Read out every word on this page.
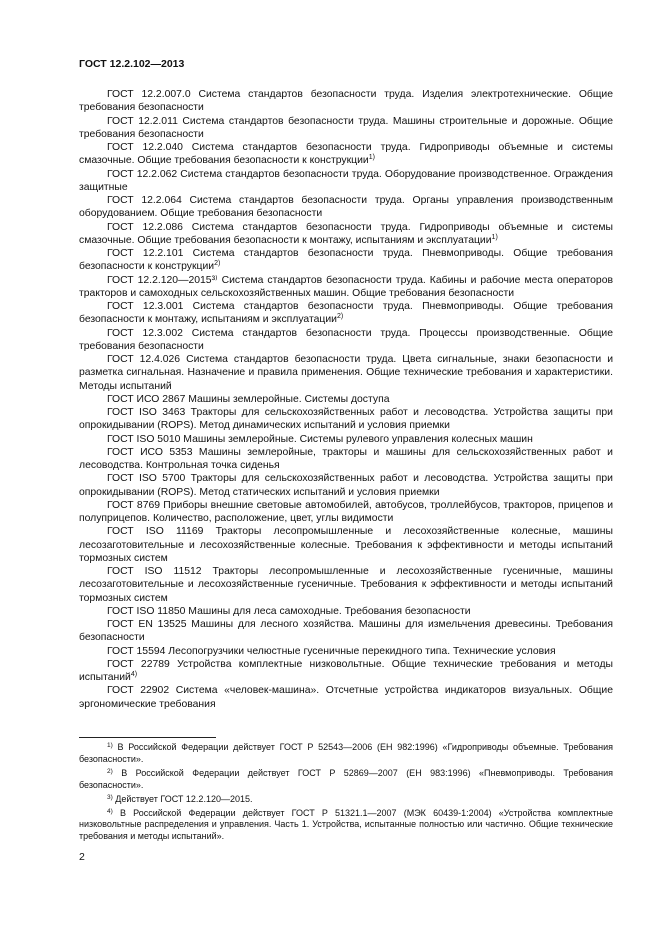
ГОСТ 12.2.102—2013

ГОСТ 12.2.007.0 Система стандартов безопасности труда. Изделия электротехнические. Общие требования безопасности

ГОСТ 12.2.011 Система стандартов безопасности труда. Машины строительные и дорожные. Общие требования безопасности

ГОСТ 12.2.040 Система стандартов безопасности труда. Гидроприводы объемные и системы смазочные. Общие требования безопасности к конструкции$^{1)}$

ГОСТ 12.2.062 Система стандартов безопасности труда. Оборудование производственное. Ограждения защитные

ГОСТ 12.2.064 Система стандартов безопасности труда. Органы управления производственным оборудованием. Общие требования безопасности

ГОСТ 12.2.086 Система стандартов безопасности труда. Гидроприводы объемные и системы смазочные. Общие требования безопасности к монтажу, испытаниям и эксплуатации$^{1)}$

ГОСТ 12.2.101 Система стандартов безопасности труда. Пневмоприводы. Общие требования безопасности к конструкции$^{2)}$

ГОСТ 12.2.120—2015³⁾ Система стандартов безопасности труда. Кабины и рабочие места операторов тракторов и самоходных сельскохозяйственных машин. Общие требования безопасности

ГОСТ 12.3.001 Система стандартов безопасности труда. Пневмоприводы. Общие требования безопасности к монтажу, испытаниям и эксплуатации$^{2)}$

ГОСТ 12.3.002 Система стандартов безопасности труда. Процессы производственные. Общие требования безопасности

ГОСТ 12.4.026 Система стандартов безопасности труда. Цвета сигнальные, знаки безопасности и разметка сигнальная. Назначение и правила применения. Общие технические требования и характеристики. Методы испытаний

ГОСТ ИСО 2867 Машины землеройные. Системы доступа

ГОСТ ISO 3463 Тракторы для сельскохозяйственных работ и лесоводства. Устройства защиты при опрокидывании (ROPS). Метод динамических испытаний и условия приемки

ГОСТ ISO 5010 Машины землеройные. Системы рулевого управления колесных машин

ГОСТ ИСО 5353 Машины землеройные, тракторы и машины для сельскохозяйственных работ и лесоводства. Контрольная точка сиденья

ГОСТ ISO 5700 Тракторы для сельскохозяйственных работ и лесоводства. Устройства защиты при опрокидывании (ROPS). Метод статических испытаний и условия приемки

ГОСТ 8769 Приборы внешние световые автомобилей, автобусов, троллейбусов, тракторов, прицепов и полуприцепов. Количество, расположение, цвет, углы видимости

ГОСТ ISO 11169 Тракторы лесопромышленные и лесохозяйственные колесные, машины лесозаготовительные и лесохозяйственные колесные. Требования к эффективности и методы испытаний тормозных систем

ГОСТ ISO 11512 Тракторы лесопромышленные и лесохозяйственные гусеничные, машины лесозаготовительные и лесохозяйственные гусеничные. Требования к эффективности и методы испытаний тормозных систем

ГОСТ ISO 11850 Машины для леса самоходные. Требования безопасности

ГОСТ EN 13525 Машины для лесного хозяйства. Машины для измельчения древесины. Требования безопасности

ГОСТ 15594 Лесопогрузчики челюстные гусеничные перекидного типа. Технические условия

ГОСТ 22789 Устройства комплектные низковольтные. Общие технические требования и методы испытаний$^{4)}$

ГОСТ 22902 Система «человек-машина». Отсчетные устройства индикаторов визуальных. Общие эргономические требования

$^{1)}$ В Российской Федерации действует ГОСТ Р 52543—2006 (ЕН 982:1996) «Гидроприводы объемные. Требования безопасности».

$^{2)}$ В Российской Федерации действует ГОСТ Р 52869—2007 (ЕН 983:1996) «Пневмоприводы. Требования безопасности».

$^{3)}$ Действует ГОСТ 12.2.120—2015.

$^{4)}$ В Российской Федерации действует ГОСТ Р 51321.1—2007 (МЭК 60439-1:2004) «Устройства комплектные низковольтные распределения и управления. Часть 1. Устройства, испытанные полностью или частично. Общие технические требования и методы испытаний».

2
